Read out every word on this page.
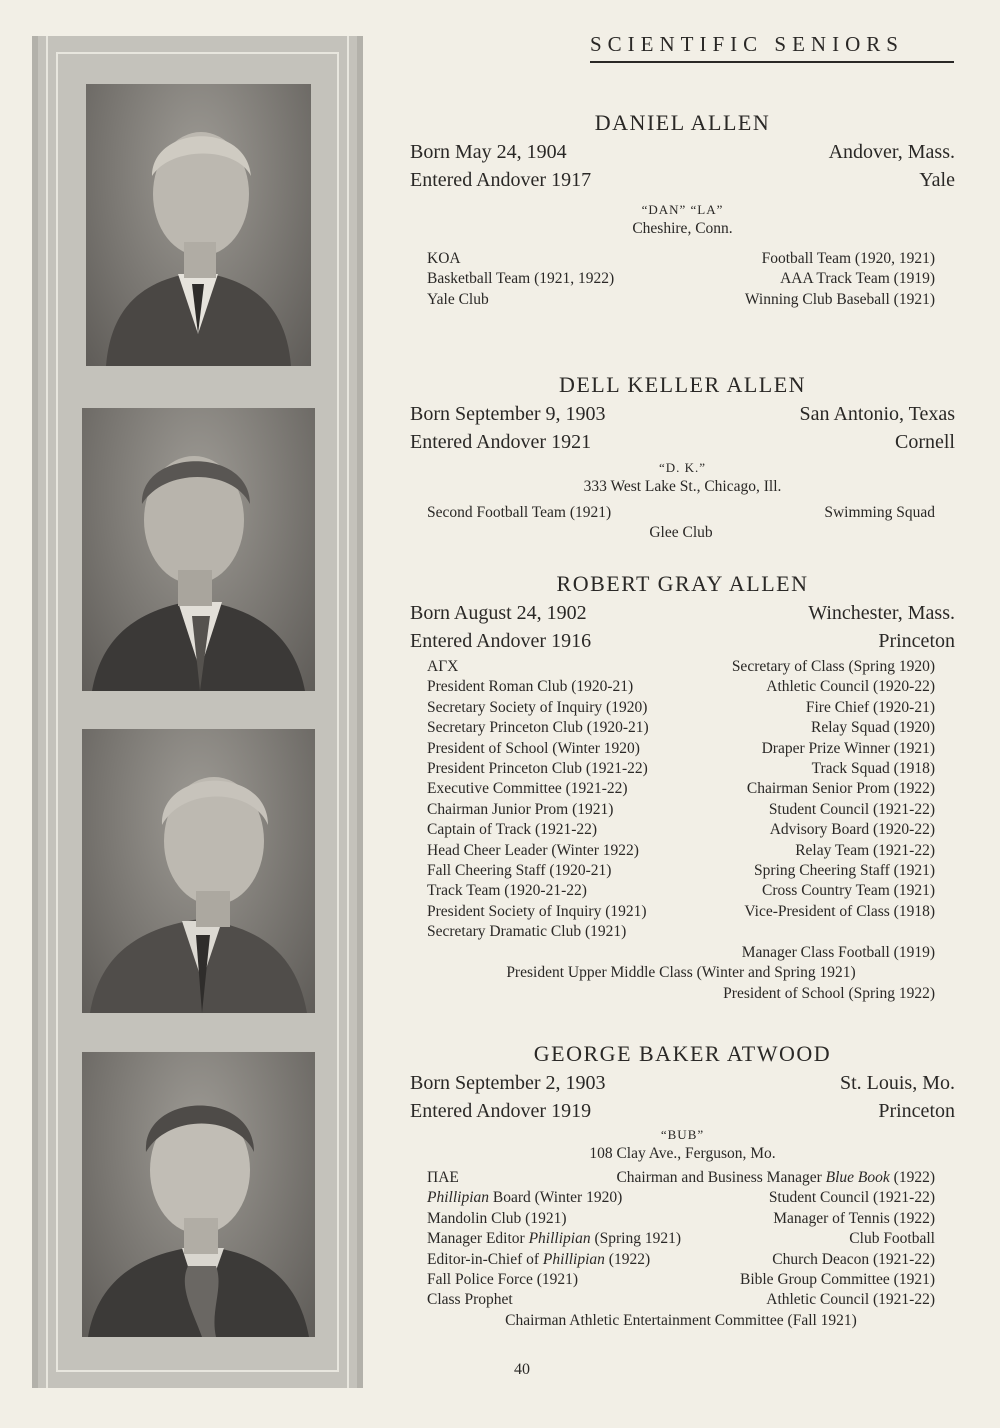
SCIENTIFIC SENIORS
DANIEL ALLEN
Born May 24, 1904	Andover, Mass.
Entered Andover 1917	Yale
“DAN” “LA”
Cheshire, Conn.
KOA	Football Team (1920, 1921)
Basketball Team (1921, 1922)	AAA Track Team (1919)
Yale Club	Winning Club Baseball (1921)
DELL KELLER ALLEN
Born September 9, 1903	San Antonio, Texas
Entered Andover 1921	Cornell
“D. K.”
333 West Lake St., Chicago, Ill.
Second Football Team (1921)	Swimming Squad
Glee Club
ROBERT GRAY ALLEN
Born August 24, 1902	Winchester, Mass.
Entered Andover 1916	Princeton
AΓX	Secretary of Class (Spring 1920)
President Roman Club (1920-21)	Athletic Council (1920-22)
Secretary Society of Inquiry (1920)	Fire Chief (1920-21)
Secretary Princeton Club (1920-21)	Relay Squad (1920)
President of School (Winter 1920)	Draper Prize Winner (1921)
President Princeton Club (1921-22)	Track Squad (1918)
Executive Committee (1921-22)	Chairman Senior Prom (1922)
Chairman Junior Prom (1921)	Student Council (1921-22)
Captain of Track (1921-22)	Advisory Board (1920-22)
Head Cheer Leader (Winter 1922)	Relay Team (1921-22)
Fall Cheering Staff (1920-21)	Spring Cheering Staff (1921)
Track Team (1920-21-22)	Cross Country Team (1921)
President Society of Inquiry (1921)	Vice-President of Class (1918)
Secretary Dramatic Club (1921)
Manager Class Football (1919)
President Upper Middle Class (Winter and Spring 1921)
President of School (Spring 1922)
GEORGE BAKER ATWOOD
Born September 2, 1903	St. Louis, Mo.
Entered Andover 1919	Princeton
“BUB”
108 Clay Ave., Ferguson, Mo.
ΠΑΕ	Chairman and Business Manager Blue Book (1922)
Phillipian Board (Winter 1920)	Student Council (1921-22)
Mandolin Club (1921)	Manager of Tennis (1922)
Manager Editor Phillipian (Spring 1921)	Club Football
Editor-in-Chief of Phillipian (1922)	Church Deacon (1921-22)
Fall Police Force (1921)	Bible Group Committee (1921)
Class Prophet	Athletic Council (1921-22)
Chairman Athletic Entertainment Committee (Fall 1921)
40
